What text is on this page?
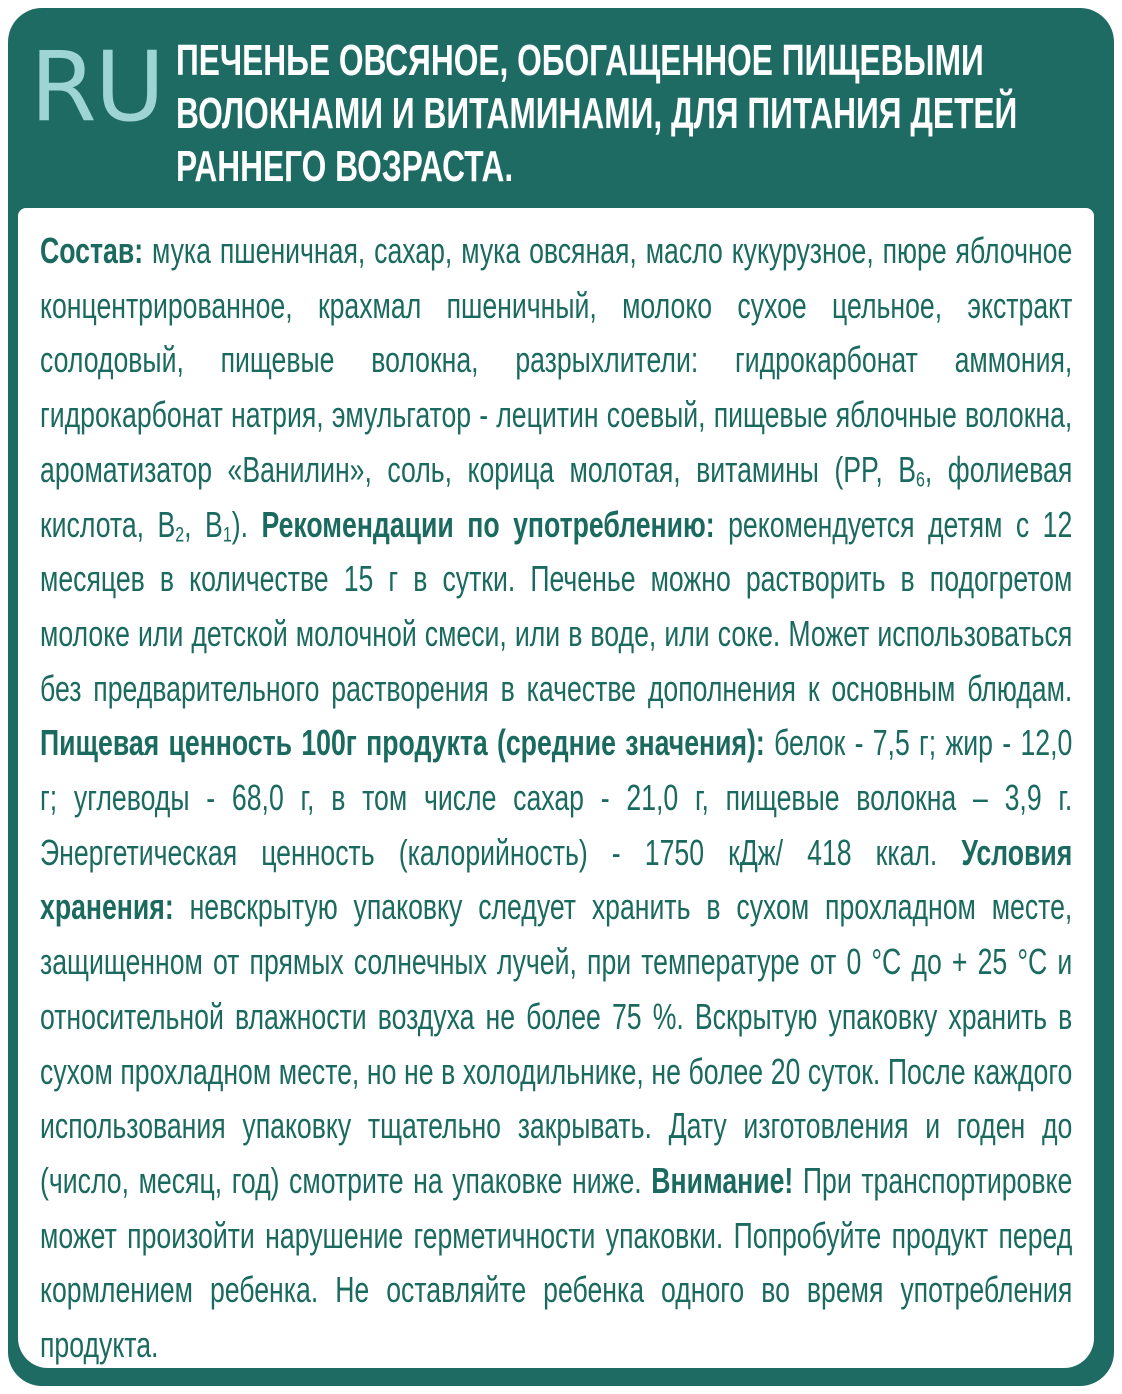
RU ПЕЧЕНЬЕ ОВСЯНОЕ, ОБОГАЩЕННОЕ ПИЩЕВЫМИ ВОЛОКНАМИ И ВИТАМИНАМИ, ДЛЯ ПИТАНИЯ ДЕТЕЙ РАННЕГО ВОЗРАСТА.
Состав: мука пшеничная, сахар, мука овсяная, масло кукурузное, пюре яблочное концентрированное, крахмал пшеничный, молоко сухое цельное, экстракт солодовый, пищевые волокна, разрыхлители: гидрокарбонат аммония, гидрокарбонат натрия, эмульгатор - лецитин соевый, пищевые яблочные волокна, ароматизатор «Ванилин», соль, корица молотая, витамины (PP, $B_6$, фолиевая кислота, $B_2$, $B_1$). Рекомендации по употреблению: рекомендуется детям с 12 месяцев в количестве 15 г в сутки. Печенье можно растворить в подогретом молоке или детской молочной смеси, или в воде, или соке. Может использоваться без предварительного растворения в качестве дополнения к основным блюдам. Пищевая ценность 100г продукта (средние значения): белок - 7,5 г; жир - 12,0 г; углеводы - 68,0 г, в том числе сахар - 21,0 г, пищевые волокна – 3,9 г. Энергетическая ценность (калорийность) - 1750 кДж/ 418 ккал. Условия хранения: невскрытую упаковку следует хранить в сухом прохладном месте, защищенном от прямых солнечных лучей, при температуре от 0 °С до + 25 °С и относительной влажности воздуха не более 75 %. Вскрытую упаковку хранить в сухом прохладном месте, но не в холодильнике, не более 20 суток. После каждого использования упаковку тщательно закрывать. Дату изготовления и годен до (число, месяц, год) смотрите на упаковке ниже. Внимание! При транспортировке может произойти нарушение герметичности упаковки. Попробуйте продукт перед кормлением ребенка. Не оставляйте ребенка одного во время употребления продукта.
